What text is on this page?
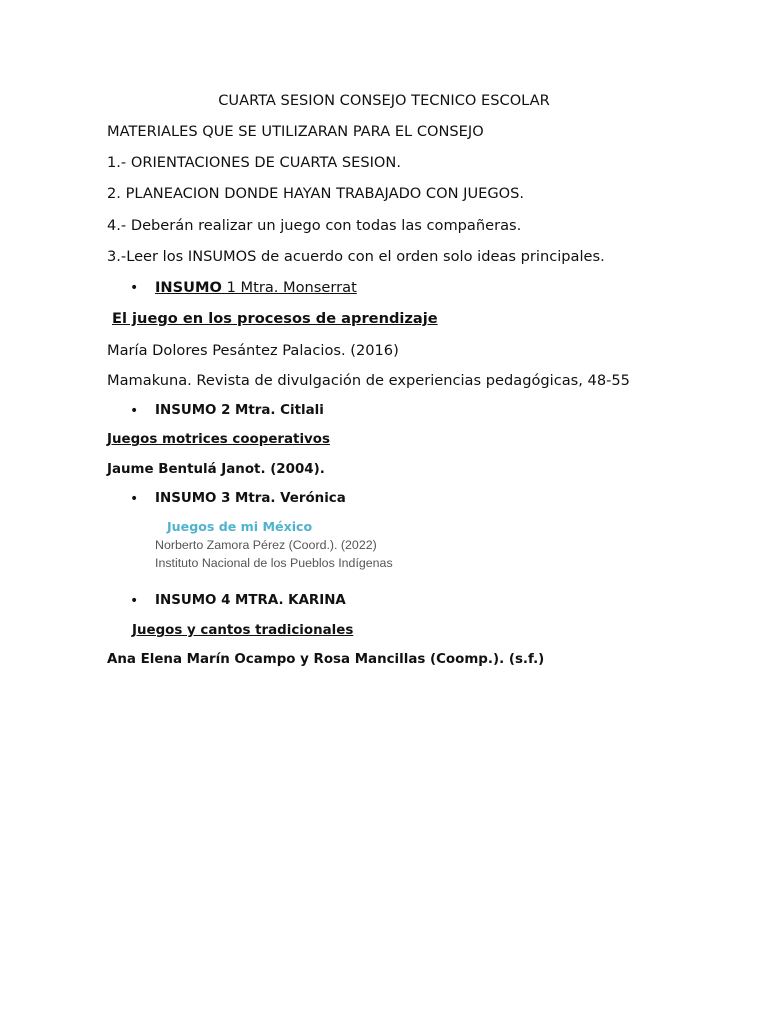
CUARTA SESION CONSEJO TECNICO ESCOLAR
MATERIALES QUE SE UTILIZARAN PARA EL CONSEJO
1.- ORIENTACIONES DE CUARTA SESION.
2. PLANEACION DONDE HAYAN TRABAJADO CON JUEGOS.
4.- Deberán realizar un juego con todas las compañeras.
3.-Leer los INSUMOS de acuerdo con el orden solo ideas principales.
• INSUMO 1 Mtra. Monserrat
El juego en los procesos de aprendizaje
María Dolores Pesántez Palacios. (2016)
Mamakuna. Revista de divulgación de experiencias pedagógicas, 48-55
• INSUMO 2 Mtra. Citlali
Juegos motrices cooperativos
Jaume Bentulá Janot. (2004).
• INSUMO 3 Mtra. Verónica
Juegos de mi México
Norberto Zamora Pérez (Coord.). (2022)
Instituto Nacional de los Pueblos Indígenas
• INSUMO 4 MTRA. KARINA
Juegos y cantos tradicionales
Ana Elena Marín Ocampo y Rosa Mancillas (Coomp.). (s.f.)
